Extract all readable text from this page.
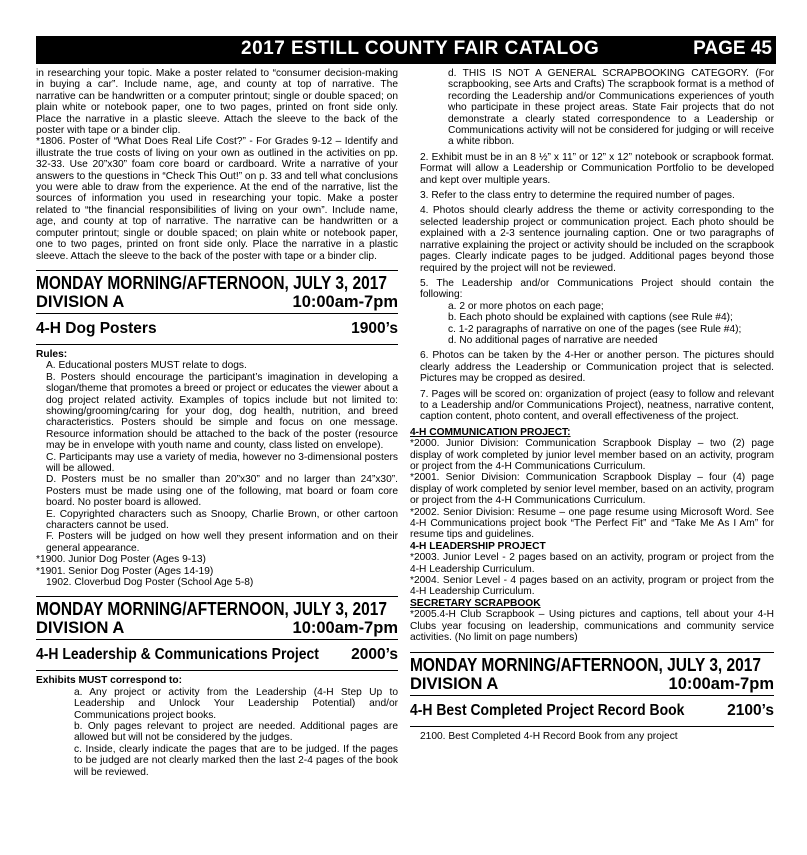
2017 ESTILL COUNTY FAIR CATALOG	PAGE 45

in researching your topic. Make a poster related to “consumer decision-making in buying a car”. Include name, age, and county at top of narrative. The narrative can be handwritten or a computer printout; single or double spaced; on plain white or notebook paper, one to two pages, printed on front side only. Place the narrative in a plastic sleeve. Attach the sleeve to the back of the poster with tape or a binder clip.

*1806. Poster of “What Does Real Life Cost?” - For Grades 9-12 – Identify and illustrate the true costs of living on your own as outlined in the activities on pp. 32-33. Use 20”x30” foam core board or cardboard. Write a narrative of your answers to the questions in “Check This Out!” on p. 33 and tell what conclusions you were able to draw from the experience. At the end of the narrative, list the sources of information you used in researching your topic. Make a poster related to “the financial responsibilities of living on your own”. Include name, age, and county at top of narrative. The narrative can be handwritten or a computer printout; single or double spaced; on plain white or notebook paper, one to two pages, printed on front side only. Place the narrative in a plastic sleeve. Attach the sleeve to the back of the poster with tape or a binder clip.

MONDAY MORNING/AFTERNOON, JULY 3, 2017
DIVISION A	10:00am-7pm
4-H Dog Posters	1900’s

Rules:

A. Educational posters MUST relate to dogs.

B. Posters should encourage the participant’s imagination in developing a slogan/theme that promotes a breed or project or educates the viewer about a dog project related activity. Examples of topics include but not limited to: showing/grooming/caring for your dog, dog health, nutrition, and breed characteristics. Posters should be simple and focus on one message. Resource information should be attached to the back of the poster (resource may be in envelope with youth name and county, class listed on envelope).

C. Participants may use a variety of media, however no 3-dimensional posters will be allowed.

D. Posters must be no smaller than 20”x30” and no larger than 24”x30”. Posters must be made using one of the following, mat board or foam core board. No poster board is allowed.

E. Copyrighted characters such as Snoopy, Charlie Brown, or other cartoon characters cannot be used.

F. Posters will be judged on how well they present information and on their general appearance.

*1900. Junior Dog Poster (Ages 9-13)

*1901. Senior Dog Poster (Ages 14-19)

1902. Cloverbud Dog Poster (School Age 5-8)

MONDAY MORNING/AFTERNOON, JULY 3, 2017
DIVISION A	10:00am-7pm
4-H Leadership & Communications Project 2000’s

Exhibits MUST correspond to:

a. Any project or activity from the Leadership (4-H Step Up to Leadership and Unlock Your Leadership Potential) and/or Communications project books.

b. Only pages relevant to project are needed. Additional pages are allowed but will not be considered by the judges.

c. Inside, clearly indicate the pages that are to be judged. If the pages to be judged are not clearly marked then the last 2-4 pages of the book will be reviewed.

d. THIS IS NOT A GENERAL SCRAPBOOKING CATEGORY. (For scrapbooking, see Arts and Crafts) The scrapbook format is a method of recording the Leadership and/or Communications experiences of youth who participate in these project areas. State Fair projects that do not demonstrate a clearly stated correspondence to a Leadership or Communications activity will not be considered for judging or will receive a white ribbon.

2. Exhibit must be in an 8 ½” x 11” or 12” x 12” notebook or scrapbook format. Format will allow a Leadership or Communication Portfolio to be developed and kept over multiple years.

3. Refer to the class entry to determine the required number of pages.

4. Photos should clearly address the theme or activity corresponding to the selected leadership project or communication project. Each photo should be explained with a 2-3 sentence journaling caption. One or two paragraphs of narrative explaining the project or activity should be included on the scrapbook pages. Clearly indicate pages to be judged. Additional pages beyond those required by the project will not be reviewed.

5. The Leadership and/or Communications Project should contain the following:

a. 2 or more photos on each page;

b. Each photo should be explained with captions (see Rule #4);

c. 1-2 paragraphs of narrative on one of the pages (see Rule #4);

d. No additional pages of narrative are needed

6. Photos can be taken by the 4-Her or another person. The pictures should clearly address the Leadership or Communication project that is selected. Pictures may be cropped as desired.

7. Pages will be scored on: organization of project (easy to follow and relevant to a Leadership and/or Communications Project), neatness, narrative content, caption content, photo content, and overall effectiveness of the project.

4-H COMMUNICATION PROJECT:

*2000. Junior Division: Communication Scrapbook Display – two (2) page display of work completed by junior level member based on an activity, program or project from the 4-H Communications Curriculum.

*2001. Senior Division: Communication Scrapbook Display – four (4) page display of work completed by senior level member, based on an activity, program or project from the 4-H Communications Curriculum.

*2002. Senior Division: Resume – one page resume using Microsoft Word. See 4-H Communications project book “The Perfect Fit” and “Take Me As I Am” for resume tips and guidelines.

4-H LEADERSHIP PROJECT

*2003. Junior Level - 2 pages based on an activity, program or project from the 4-H Leadership Curriculum.

*2004. Senior Level - 4 pages based on an activity, program or project from the 4-H Leadership Curriculum.

SECRETARY SCRAPBOOK

*2005.4-H Club Scrapbook – Using pictures and captions, tell about your 4-H Clubs year focusing on leadership, communications and community service activities. (No limit on page numbers)

MONDAY MORNING/AFTERNOON, JULY 3, 2017
DIVISION A	10:00am-7pm
4-H Best Completed Project Record Book	2100’s

2100. Best Completed 4-H Record Book from any project
